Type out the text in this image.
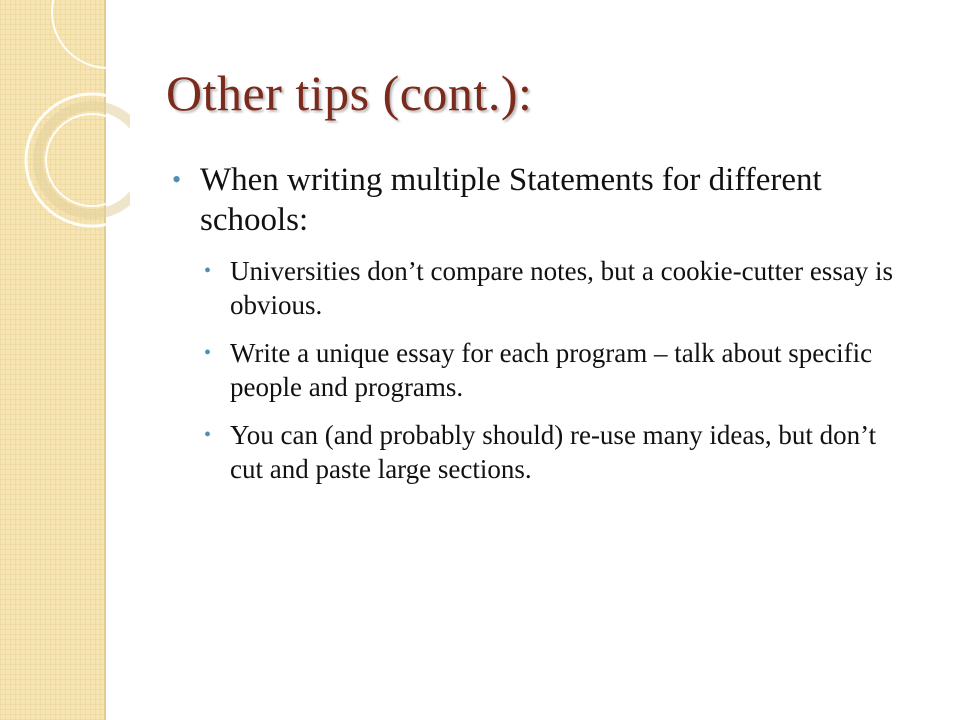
Other tips (cont.):
• When writing multiple Statements for different schools:
• Universities don’t compare notes, but a cookie-cutter essay is obvious.
• Write a unique essay for each program – talk about specific people and programs.
• You can (and probably should) re-use many ideas, but don’t cut and paste large sections.
